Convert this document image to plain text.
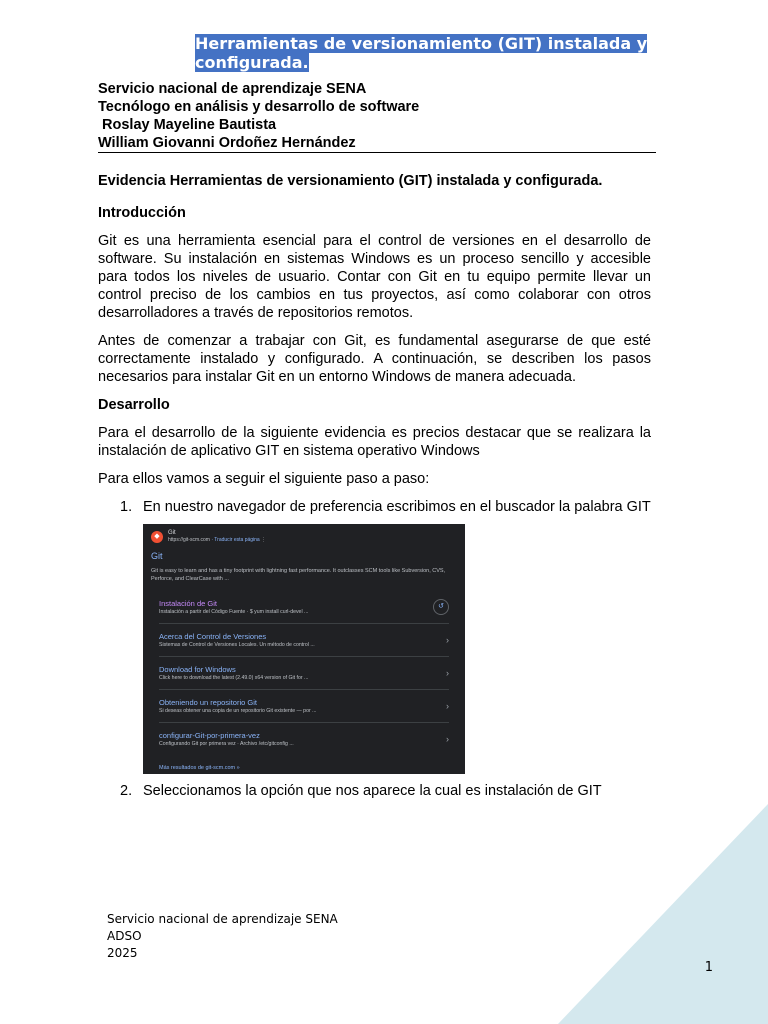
Herramientas de versionamiento (GIT) instalada y configurada.
Servicio nacional de aprendizaje SENA
Tecnólogo en análisis y desarrollo de software
Roslay Mayeline Bautista
William Giovanni Ordoñez Hernández
Evidencia Herramientas de versionamiento (GIT) instalada y configurada.
Introducción
Git es una herramienta esencial para el control de versiones en el desarrollo de software. Su instalación en sistemas Windows es un proceso sencillo y accesible para todos los niveles de usuario. Contar con Git en tu equipo permite llevar un control preciso de los cambios en tus proyectos, así como colaborar con otros desarrolladores a través de repositorios remotos.
Antes de comenzar a trabajar con Git, es fundamental asegurarse de que esté correctamente instalado y configurado. A continuación, se describen los pasos necesarios para instalar Git en un entorno Windows de manera adecuada.
Desarrollo
Para el desarrollo de la siguiente evidencia es precios destacar que se realizara la instalación de aplicativo GIT en sistema operativo Windows
Para ellos vamos a seguir el siguiente paso a paso:
1. En nuestro navegador de preferencia escribimos en el buscador la palabra GIT
◆	Git
https://git-scm.com · Traducir esta página ⋮
Git
Git is easy to learn and has a tiny footprint with lightning fast performance. It outclasses SCM tools like Subversion, CVS, Perforce, and ClearCase with ...
Instalación de Git
Instalación a partir del Código Fuente · $ yum install curl-devel ...
↺
Acerca del Control de Versiones
Sistemas de Control de Versiones Locales. Un método de control ...	›
Download for Windows
Click here to download the latest (2.49.0) x64 version of Git for ...	›
Obteniendo un repositorio Git
Si deseas obtener una copia de un repositorio Git existente — por ...	›
configurar-Git-por-primera-vez
Configurando Git por primera vez · Archivo /etc/gitconfig ...	›
Más resultados de git-scm.com »
2. Seleccionamos la opción que nos aparece la cual es instalación de GIT
Servicio nacional de aprendizaje SENA
ADSO
2025
1
